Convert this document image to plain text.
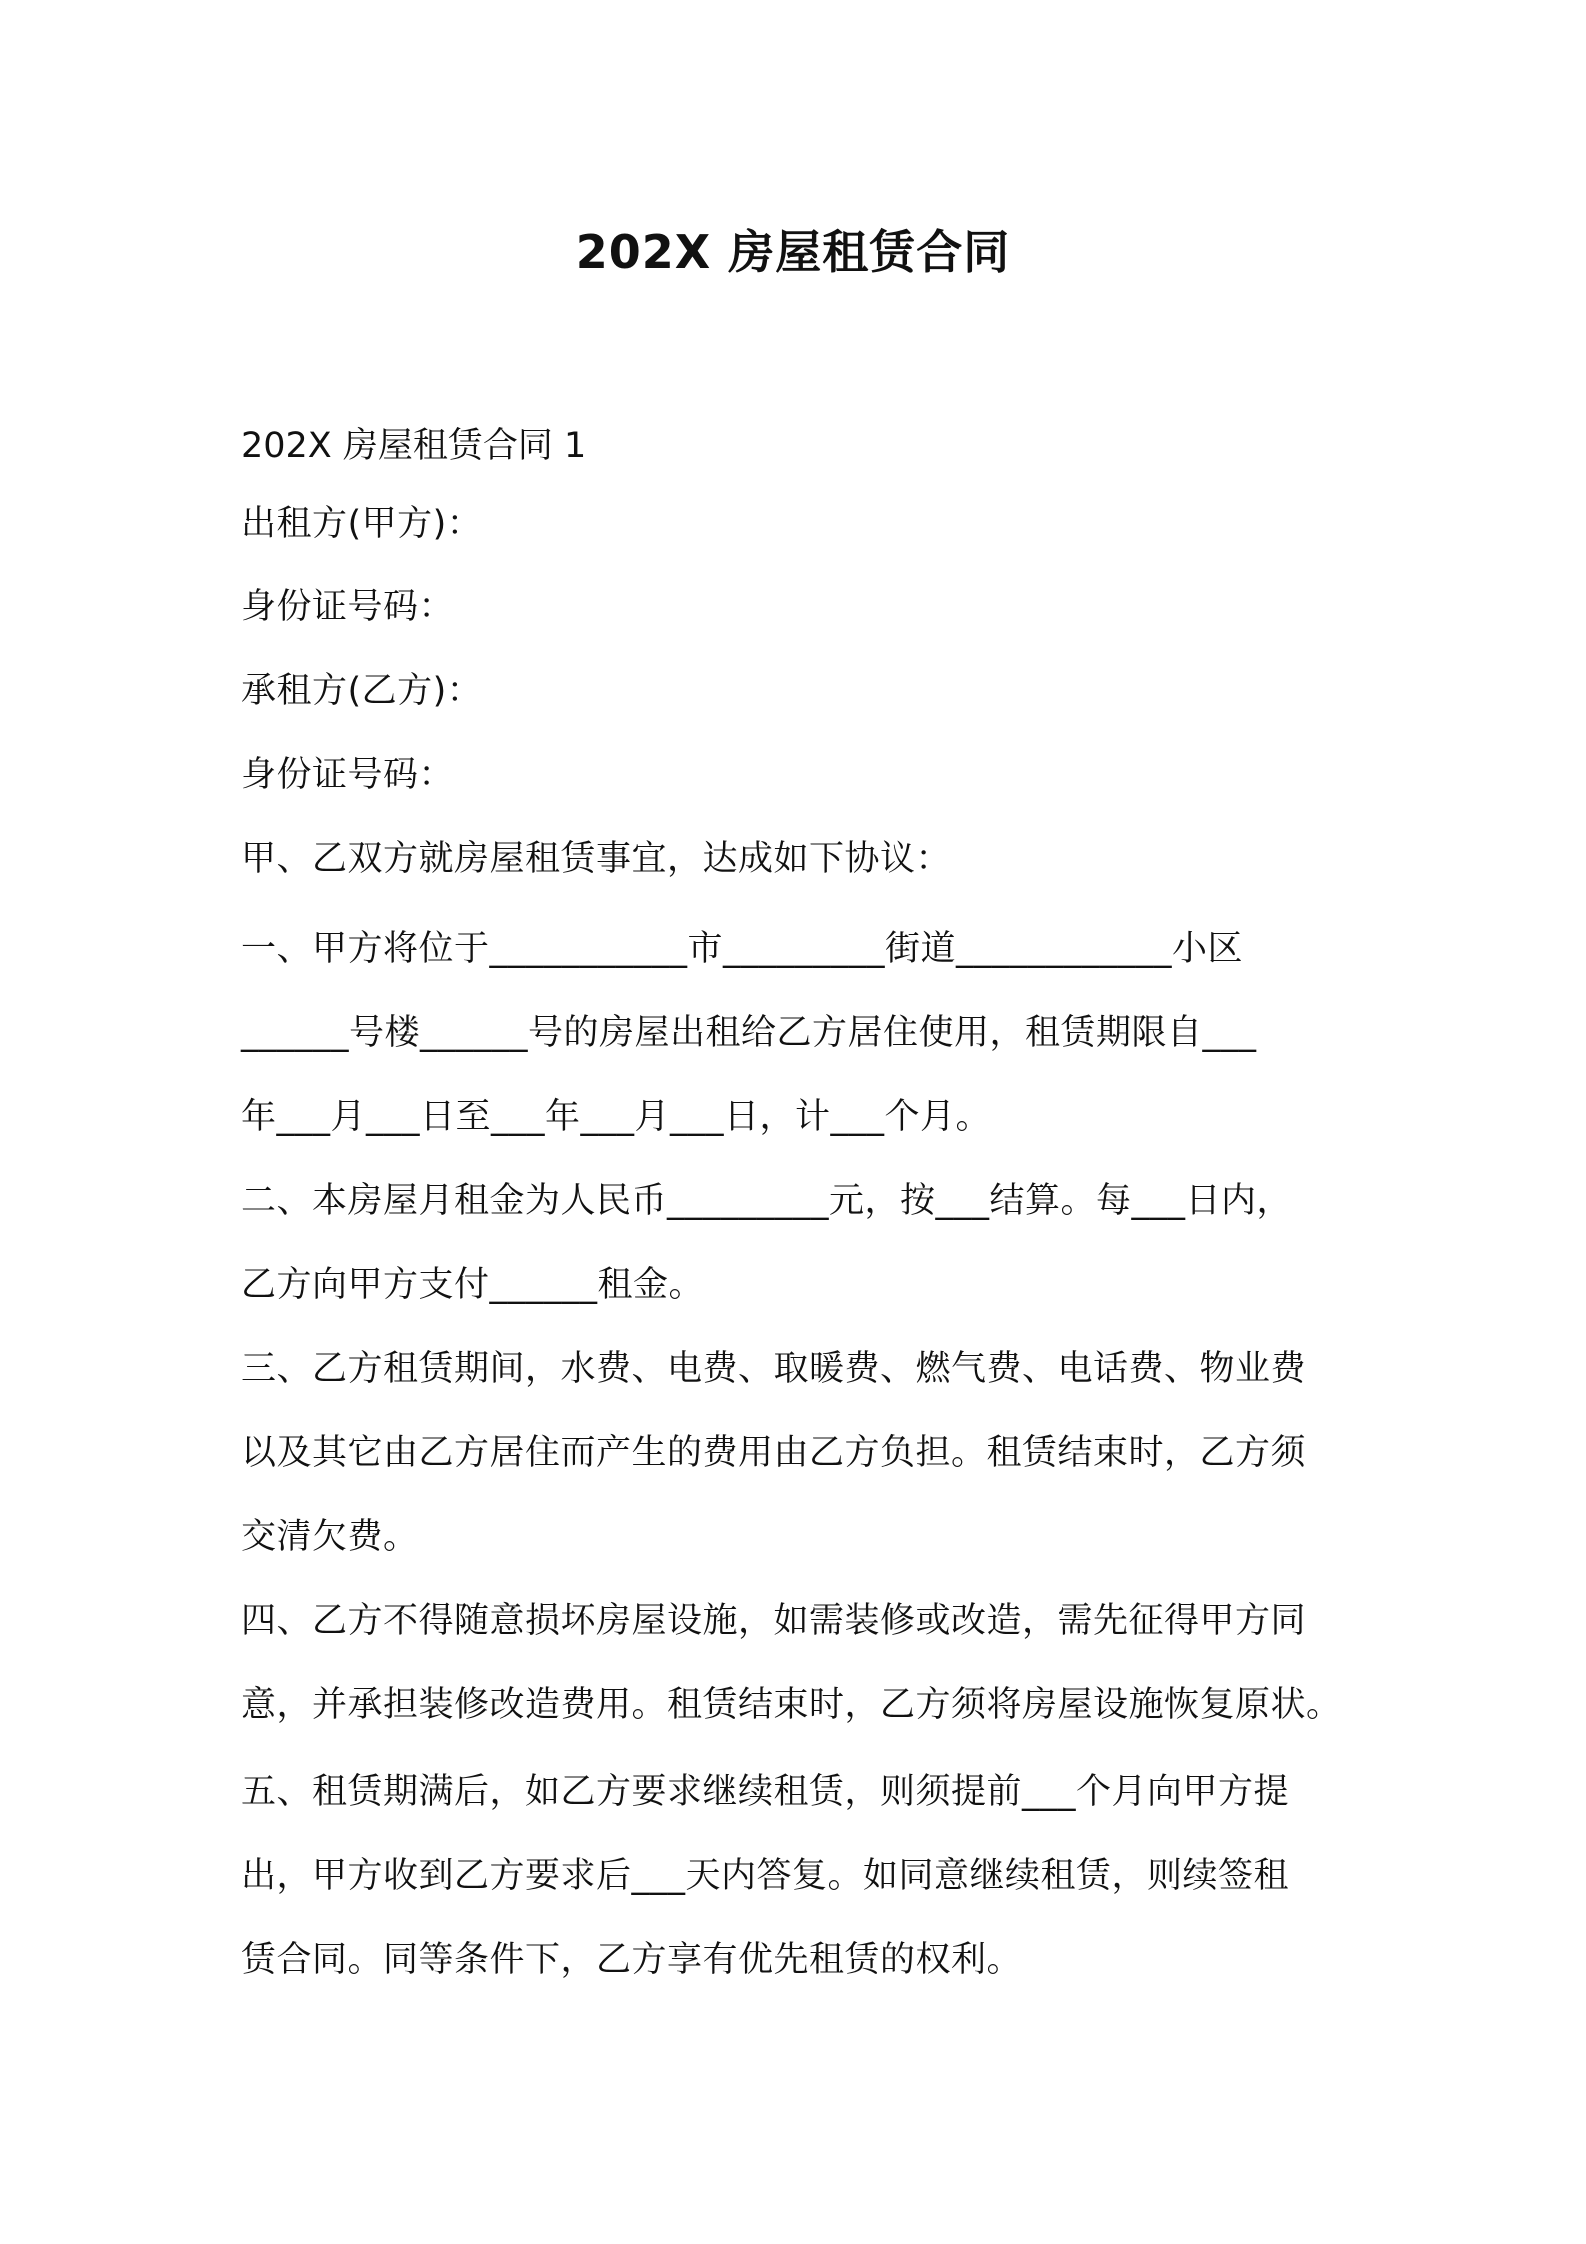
202X 房屋租赁合同
202X 房屋租赁合同 1
出租方(甲方)：
身份证号码：
承租方(乙方)：
身份证号码：
甲、乙双方就房屋租赁事宜，达成如下协议：
一、甲方将位于___________市_________街道____________小区
______号楼______号的房屋出租给乙方居住使用，租赁期限自___
年___月___日至___年___月___日，计___个月。
二、本房屋月租金为人民币_________元，按___结算。每___日内，
乙方向甲方支付______租金。
三、乙方租赁期间，水费、电费、取暖费、燃气费、电话费、物业费
以及其它由乙方居住而产生的费用由乙方负担。租赁结束时，乙方须
交清欠费。
四、乙方不得随意损坏房屋设施，如需装修或改造，需先征得甲方同
意，并承担装修改造费用。租赁结束时，乙方须将房屋设施恢复原状。
五、租赁期满后，如乙方要求继续租赁，则须提前___个月向甲方提
出，甲方收到乙方要求后___天内答复。如同意继续租赁，则续签租
赁合同。同等条件下，乙方享有优先租赁的权利。
